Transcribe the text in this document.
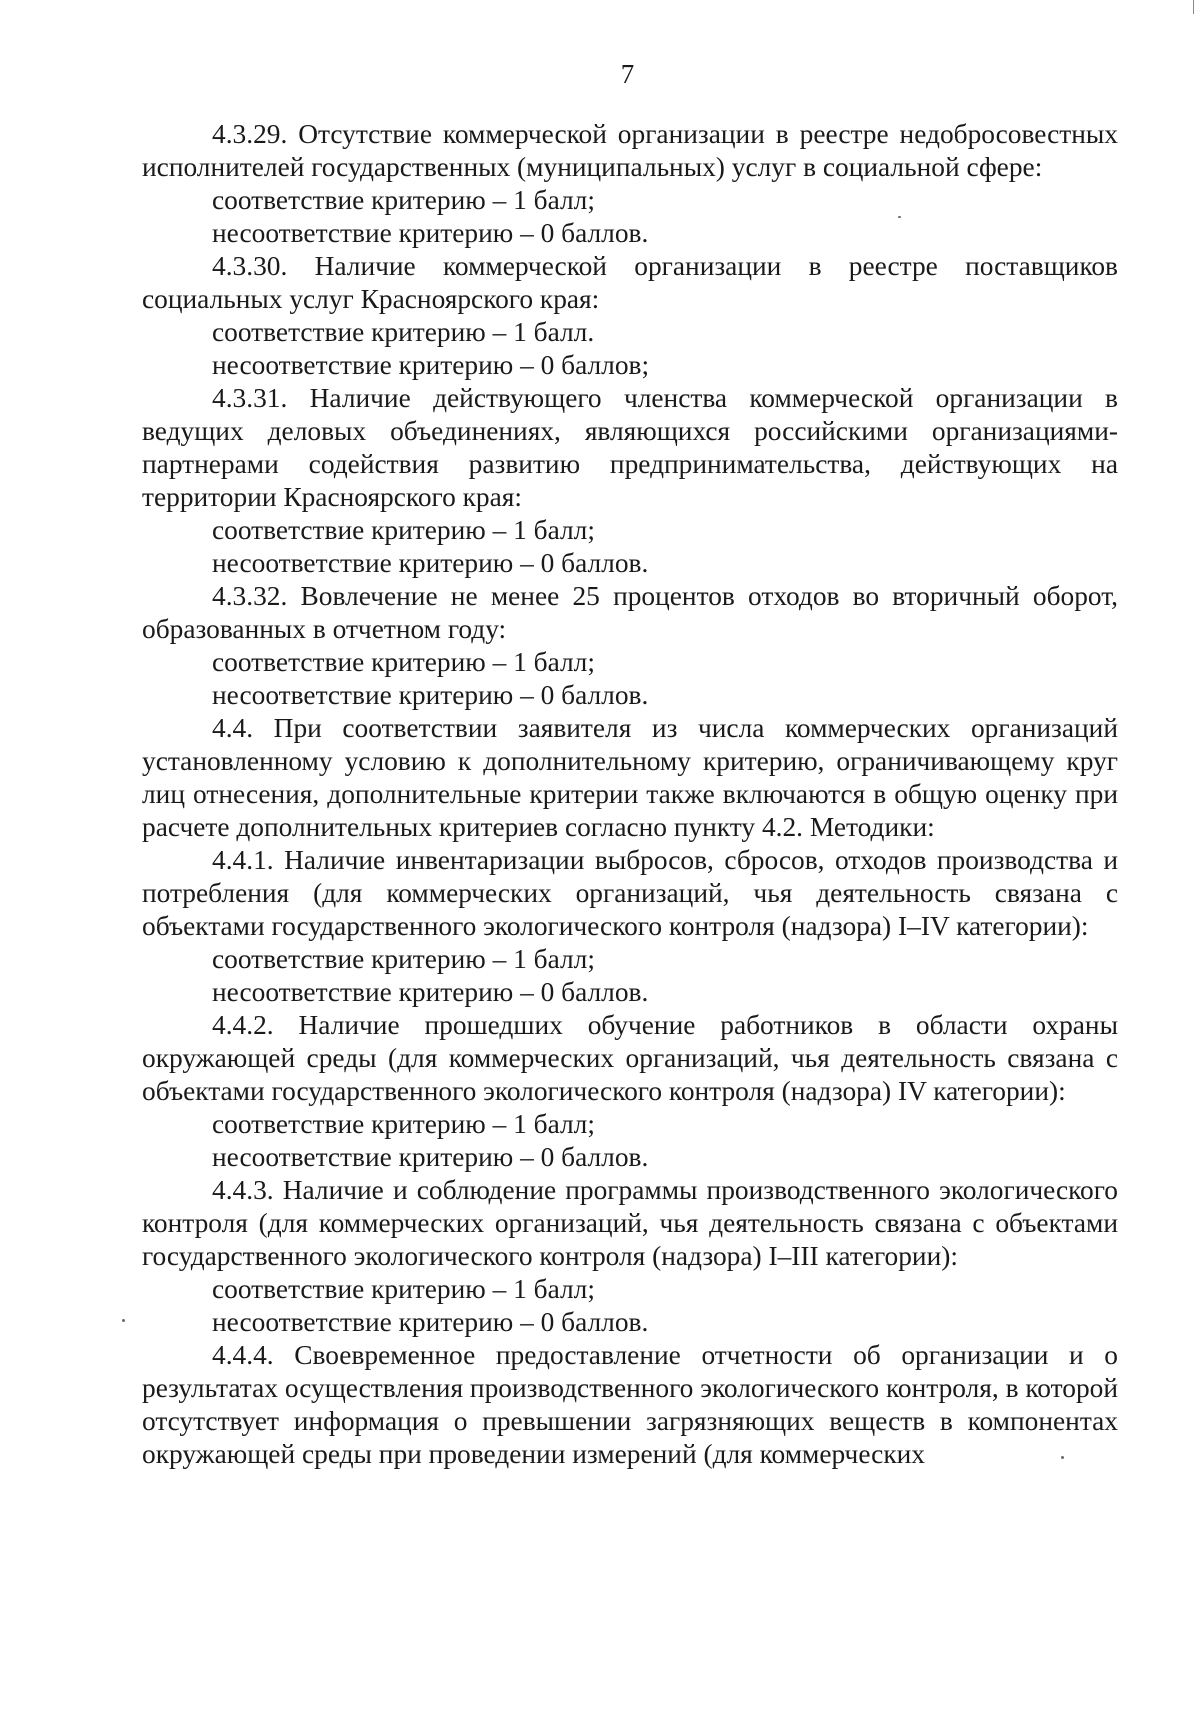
7

4.3.29. Отсутствие коммерческой организации в реестре недобросовестных исполнителей государственных (муниципальных) услуг в социальной сфере:

соответствие критерию – 1 балл;

несоответствие критерию – 0 баллов.

4.3.30. Наличие коммерческой организации в реестре поставщиков социальных услуг Красноярского края:

соответствие критерию – 1 балл.

несоответствие критерию – 0 баллов;

4.3.31. Наличие действующего членства коммерческой организации в ведущих деловых объединениях, являющихся российскими организациями-партнерами содействия развитию предпринимательства, действующих на территории Красноярского края:

соответствие критерию – 1 балл;

несоответствие критерию – 0 баллов.

4.3.32. Вовлечение не менее 25 процентов отходов во вторичный оборот, образованных в отчетном году:

соответствие критерию – 1 балл;

несоответствие критерию – 0 баллов.

4.4. При соответствии заявителя из числа коммерческих организаций установленному условию к дополнительному критерию, ограничивающему круг лиц отнесения, дополнительные критерии также включаются в общую оценку при расчете дополнительных критериев согласно пункту 4.2. Методики:

4.4.1. Наличие инвентаризации выбросов, сбросов, отходов производства и потребления (для коммерческих организаций, чья деятельность связана с объектами государственного экологического контроля (надзора) I–IV категории):

соответствие критерию – 1 балл;

несоответствие критерию – 0 баллов.

4.4.2. Наличие прошедших обучение работников в области охраны окружающей среды (для коммерческих организаций, чья деятельность связана с объектами государственного экологического контроля (надзора) IV категории):

соответствие критерию – 1 балл;

несоответствие критерию – 0 баллов.

4.4.3. Наличие и соблюдение программы производственного экологического контроля (для коммерческих организаций, чья деятельность связана с объектами государственного экологического контроля (надзора) I–III категории):

соответствие критерию – 1 балл;

несоответствие критерию – 0 баллов.

4.4.4. Своевременное предоставление отчетности об организации и о результатах осуществления производственного экологического контроля, в которой отсутствует информация о превышении загрязняющих веществ в компонентах окружающей среды при проведении измерений (для коммерческих
